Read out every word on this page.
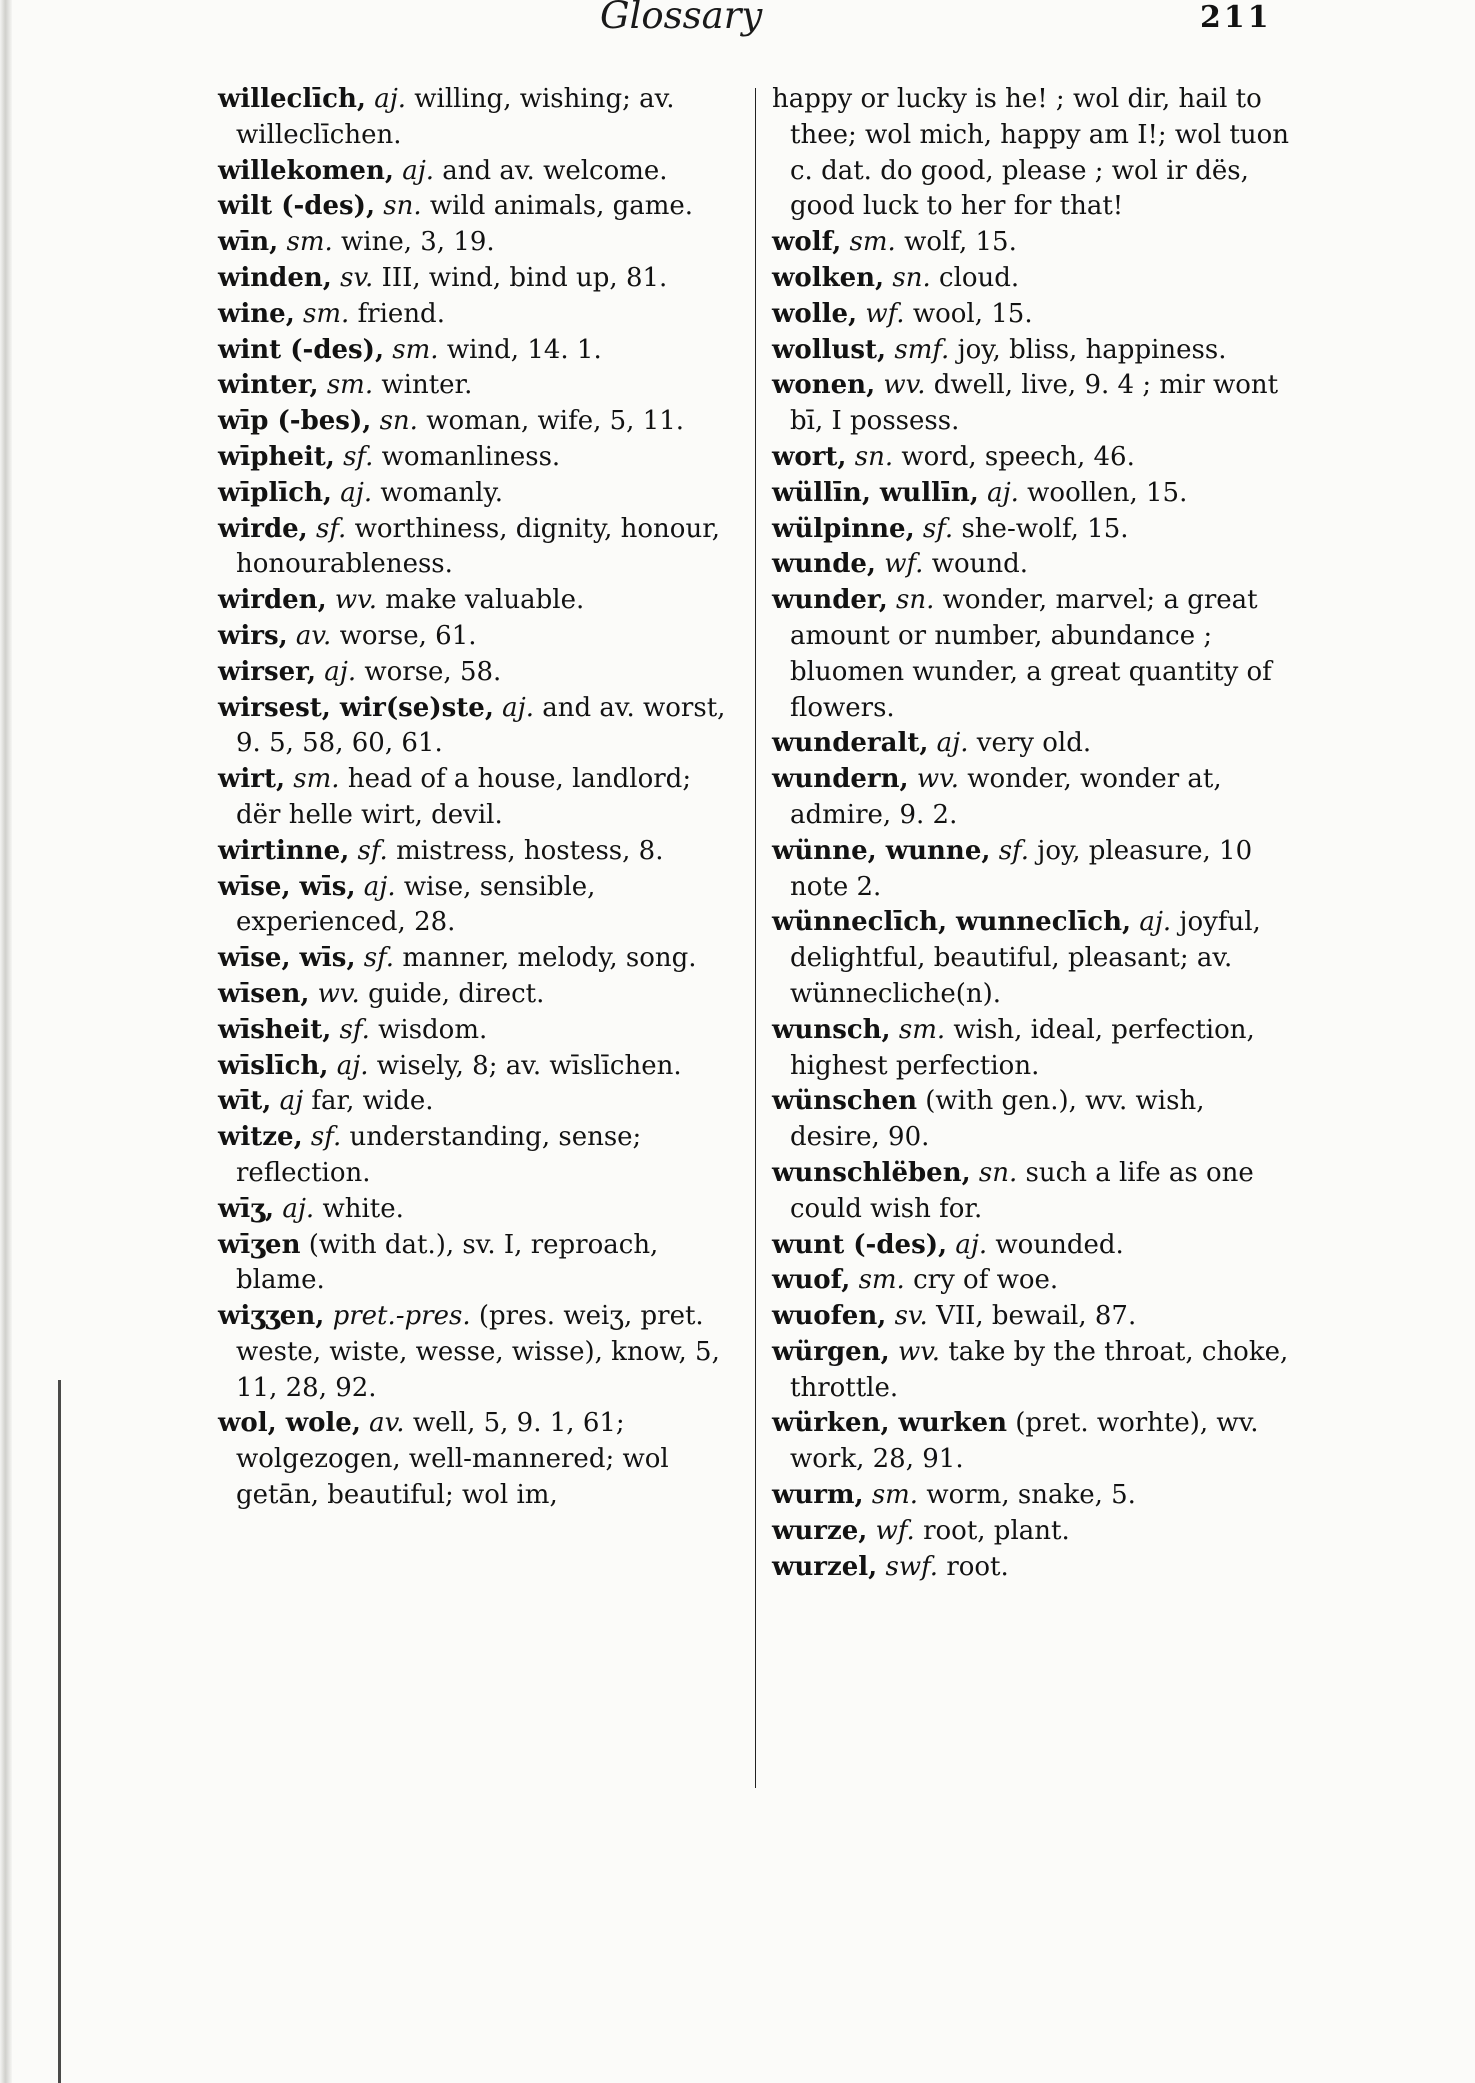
Glossary	211

willeclīch, aj. willing, wishing; av. willeclīchen.

willekomen, aj. and av. welcome.

wilt (-des), sn. wild animals, game.

wīn, sm. wine, 3, 19.

winden, sv. III, wind, bind up, 81.

wine, sm. friend.

wint (-des), sm. wind, 14. 1.

winter, sm. winter.

wīp (-bes), sn. woman, wife, 5, 11.

wīpheit, sf. womanliness.

wīplīch, aj. womanly.

wirde, sf. worthiness, dignity, honour, honourableness.

wirden, wv. make valuable.

wirs, av. worse, 61.

wirser, aj. worse, 58.

wirsest, wir(se)ste, aj. and av. worst, 9. 5, 58, 60, 61.

wirt, sm. head of a house, landlord; dër helle wirt, devil.

wirtinne, sf. mistress, hostess, 8.

wīse, wīs, aj. wise, sensible, experienced, 28.

wīse, wīs, sf. manner, melody, song.

wīsen, wv. guide, direct.

wīsheit, sf. wisdom.

wīslīch, aj. wisely, 8; av. wīslīchen.

wīt, aj far, wide.

witze, sf. understanding, sense; reflection.

wīʒ, aj. white.

wīʒen (with dat.), sv. I, reproach, blame.

wiʒʒen, pret.-pres. (pres. weiʒ, pret. weste, wiste, wesse, wisse), know, 5, 11, 28, 92.

wol, wole, av. well, 5, 9. 1, 61; wolgezogen, well-mannered; wol getān, beautiful; wol im,

happy or lucky is he! ; wol dir, hail to thee; wol mich, happy am I!; wol tuon c. dat. do good, please ; wol ir dës, good luck to her for that!

wolf, sm. wolf, 15.

wolken, sn. cloud.

wolle, wf. wool, 15.

wollust, smf. joy, bliss, happiness.

wonen, wv. dwell, live, 9. 4 ; mir wont bī, I possess.

wort, sn. word, speech, 46.

wüllīn, wullīn, aj. woollen, 15.

wülpinne, sf. she-wolf, 15.

wunde, wf. wound.

wunder, sn. wonder, marvel; a great amount or number, abundance ; bluomen wunder, a great quantity of flowers.

wunderalt, aj. very old.

wundern, wv. wonder, wonder at, admire, 9. 2.

wünne, wunne, sf. joy, pleasure, 10 note 2.

wünneclīch, wunneclīch, aj. joyful, delightful, beautiful, pleasant; av. wünnecliche(n).

wunsch, sm. wish, ideal, perfection, highest perfection.

wünschen (with gen.), wv. wish, desire, 90.

wunschlëben, sn. such a life as one could wish for.

wunt (-des), aj. wounded.

wuof, sm. cry of woe.

wuofen, sv. VII, bewail, 87.

würgen, wv. take by the throat, choke, throttle.

würken, wurken (pret. worhte), wv. work, 28, 91.

wurm, sm. worm, snake, 5.

wurze, wf. root, plant.

wurzel, swf. root.
